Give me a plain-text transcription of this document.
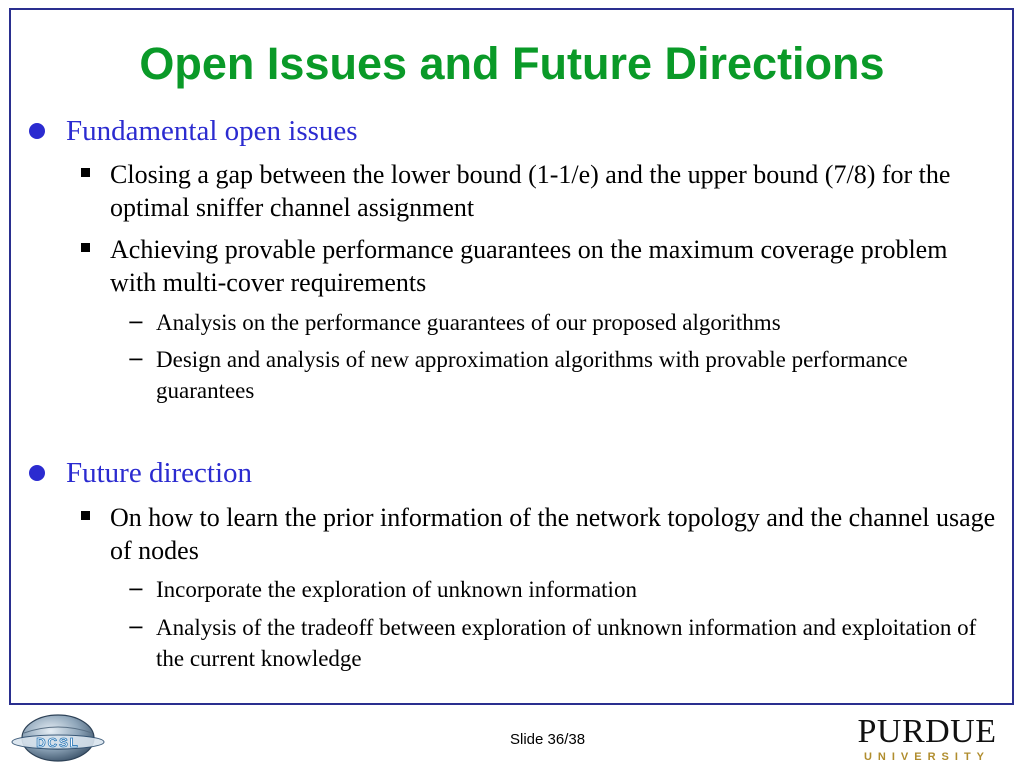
Open Issues and Future Directions
Fundamental open issues
Closing a gap between the lower bound (1-1/e) and the upper bound (7/8) for the optimal sniffer channel assignment
Achieving provable performance guarantees on the maximum coverage problem with multi-cover requirements
− Analysis on the performance guarantees of our proposed algorithms
− Design and analysis of new approximation algorithms with provable performance guarantees
Future direction
On how to learn the prior information of the network topology and the channel usage of nodes
− Incorporate the exploration of unknown information
− Analysis of the tradeoff between exploration of unknown information and exploitation of the current knowledge
DCSL	Slide 36/38	PURDUE
UNIVERSITY
